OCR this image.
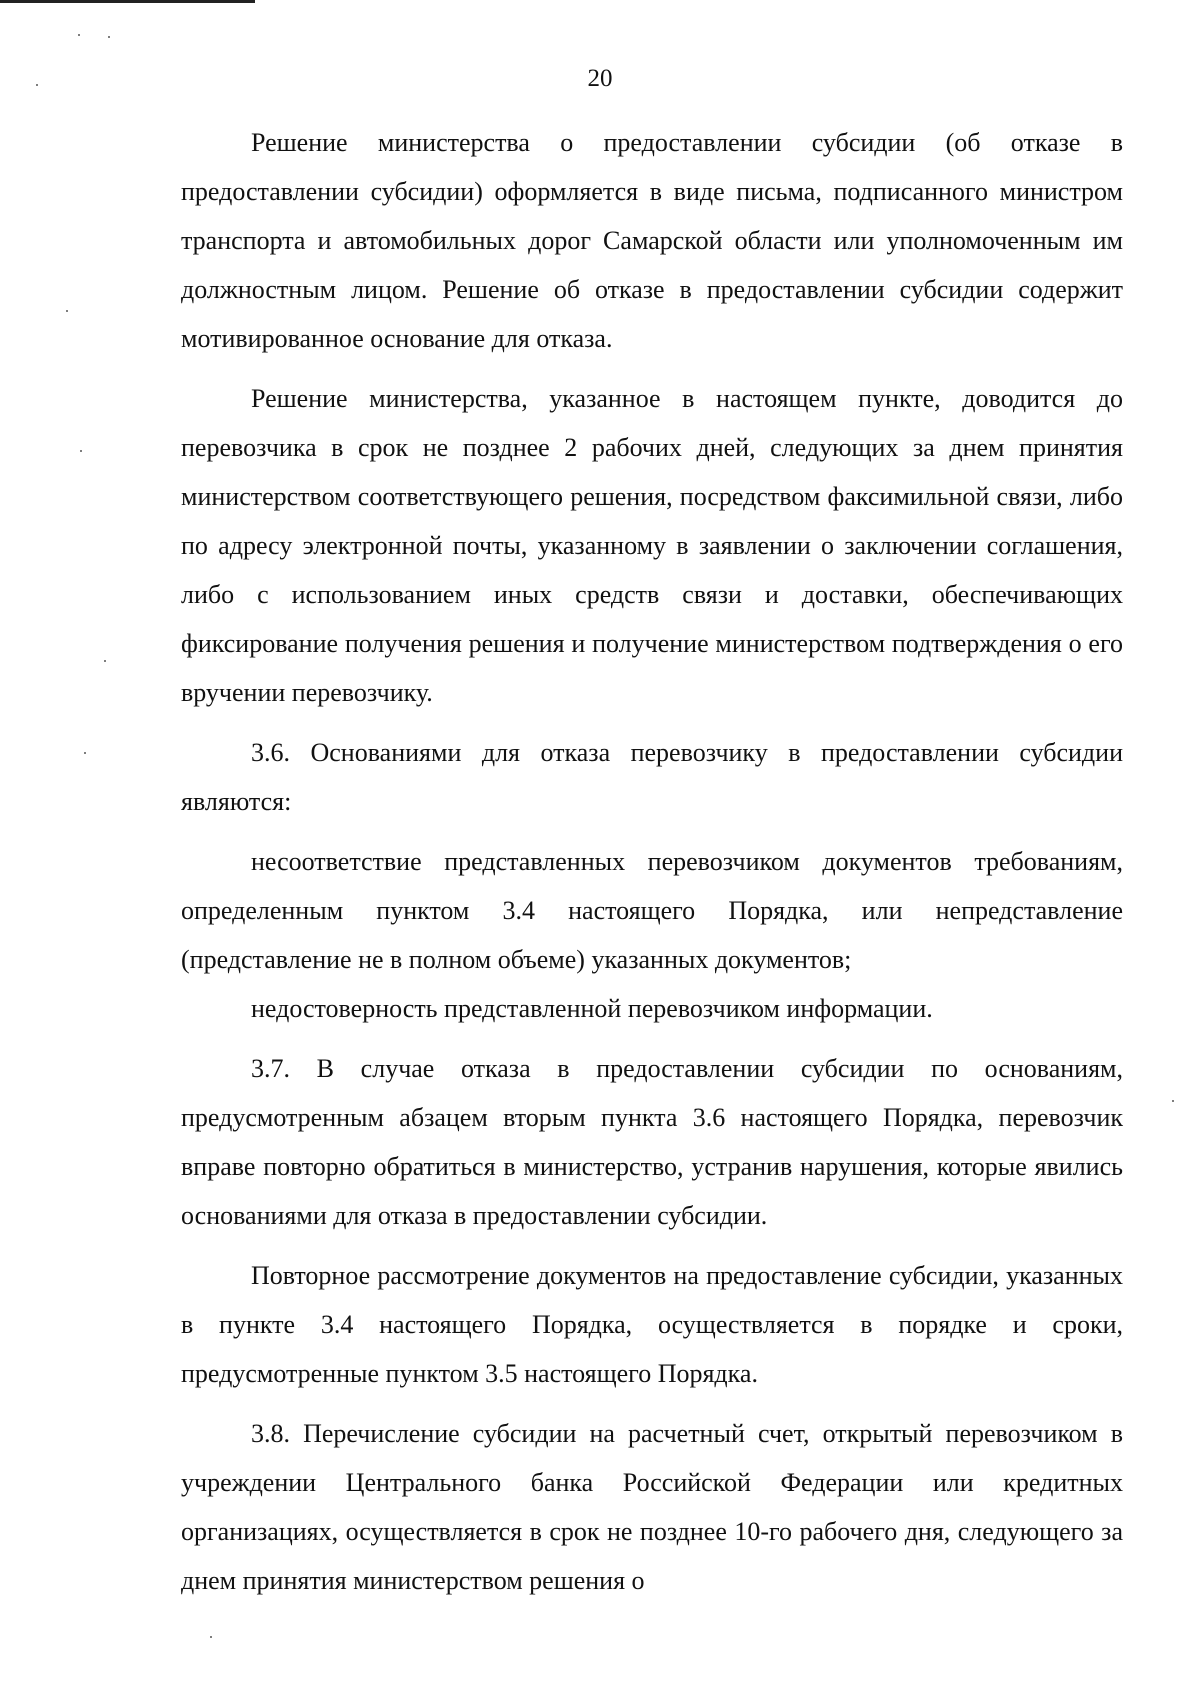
20

Решение министерства о предоставлении субсидии (об отказе в предоставлении субсидии) оформляется в виде письма, подписанного министром транспорта и автомобильных дорог Самарской области или уполномоченным им должностным лицом. Решение об отказе в предоставлении субсидии содержит мотивированное основание для отказа.

Решение министерства, указанное в настоящем пункте, доводится до перевозчика в срок не позднее 2 рабочих дней, следующих за днем принятия министерством соответствующего решения, посредством факсимильной связи, либо по адресу электронной почты, указанному в заявлении о заключении соглашения, либо с использованием иных средств связи и доставки, обеспечивающих фиксирование получения решения и получение министерством подтверждения о его вручении перевозчику.

3.6. Основаниями для отказа перевозчику в предоставлении субсидии являются:

несоответствие представленных перевозчиком документов требованиям, определенным пунктом 3.4 настоящего Порядка, или непредставление (представление не в полном объеме) указанных документов;

недостоверность представленной перевозчиком информации.

3.7. В случае отказа в предоставлении субсидии по основаниям, предусмотренным абзацем вторым пункта 3.6 настоящего Порядка, перевозчик вправе повторно обратиться в министерство, устранив нарушения, которые явились основаниями для отказа в предоставлении субсидии.

Повторное рассмотрение документов на предоставление субсидии, указанных в пункте 3.4 настоящего Порядка, осуществляется в порядке и сроки, предусмотренные пунктом 3.5 настоящего Порядка.

3.8. Перечисление субсидии на расчетный счет, открытый перевозчиком в учреждении Центрального банка Российской Федерации или кредитных организациях, осуществляется в срок не позднее 10-го рабочего дня, следующего за днем принятия министерством решения о
